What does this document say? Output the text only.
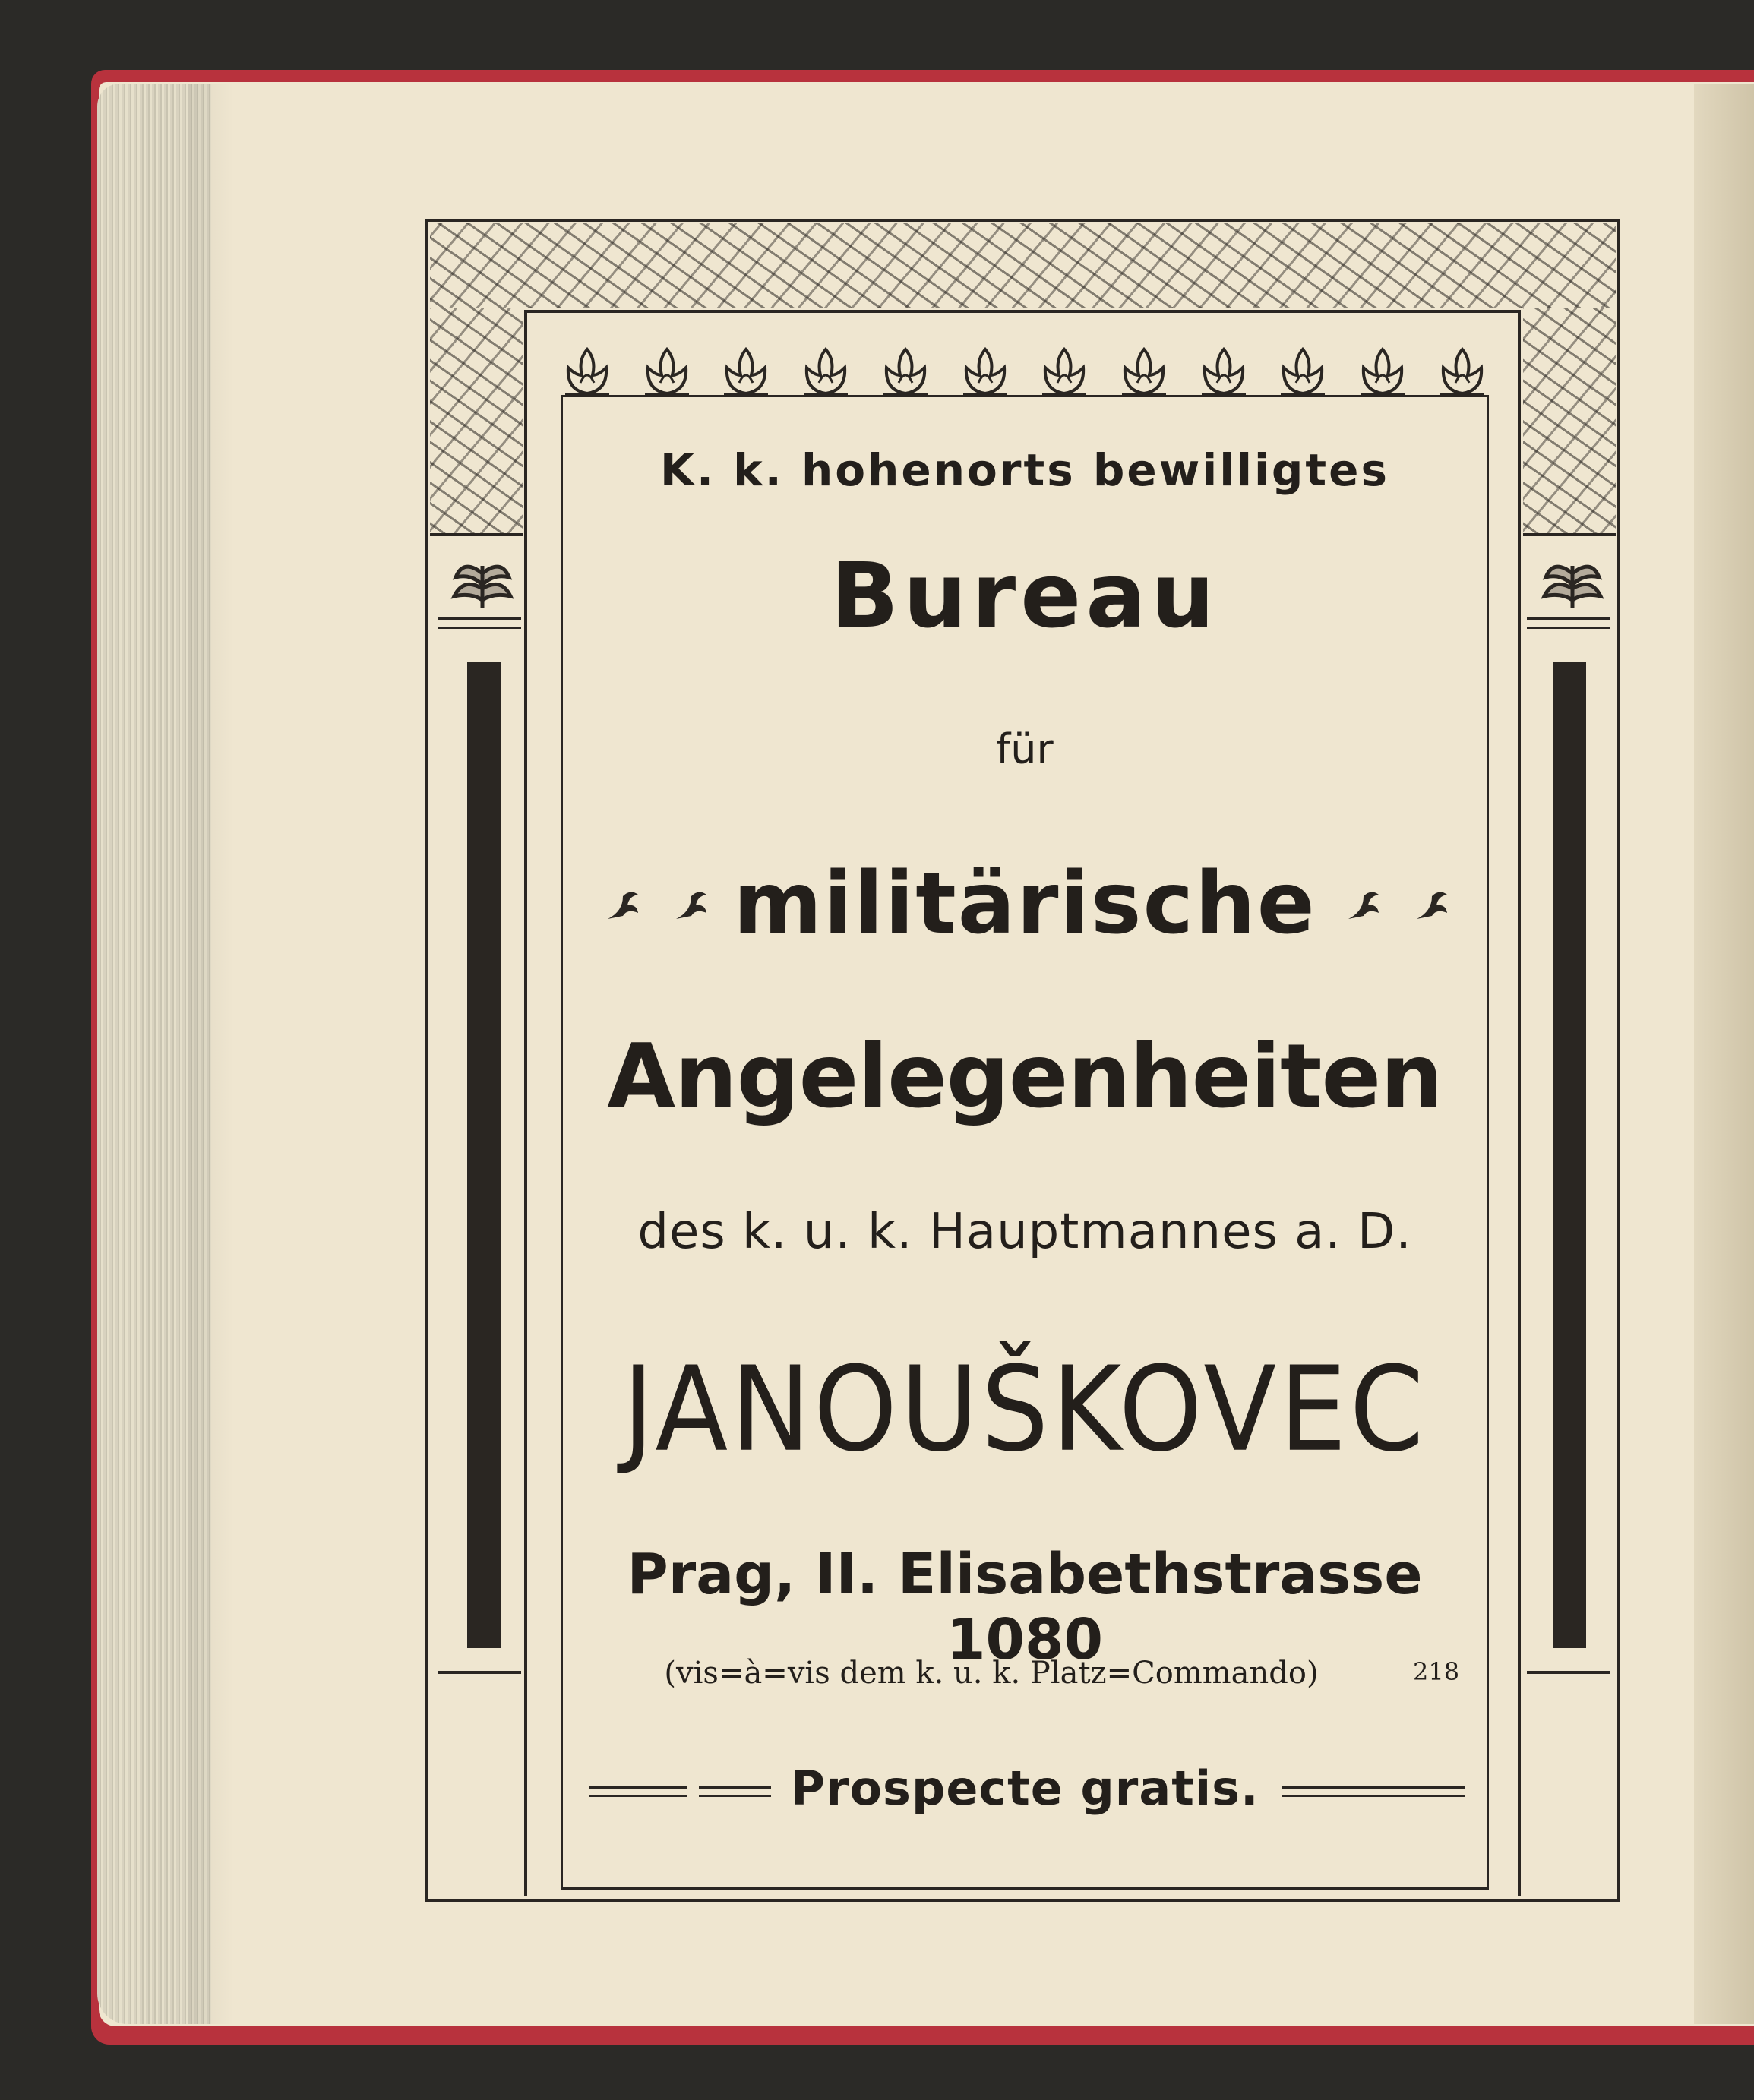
K. k. hohenorts bewilligtes
Bureau
für
militärische
Angelegenheiten
des k. u. k. Hauptmannes a. D.
JANOUŠKOVEC
Prag, II. Elisabethstrasse 1080
(vis=à=vis dem k. u. k. Platz=Commando)	218
Prospecte gratis.
